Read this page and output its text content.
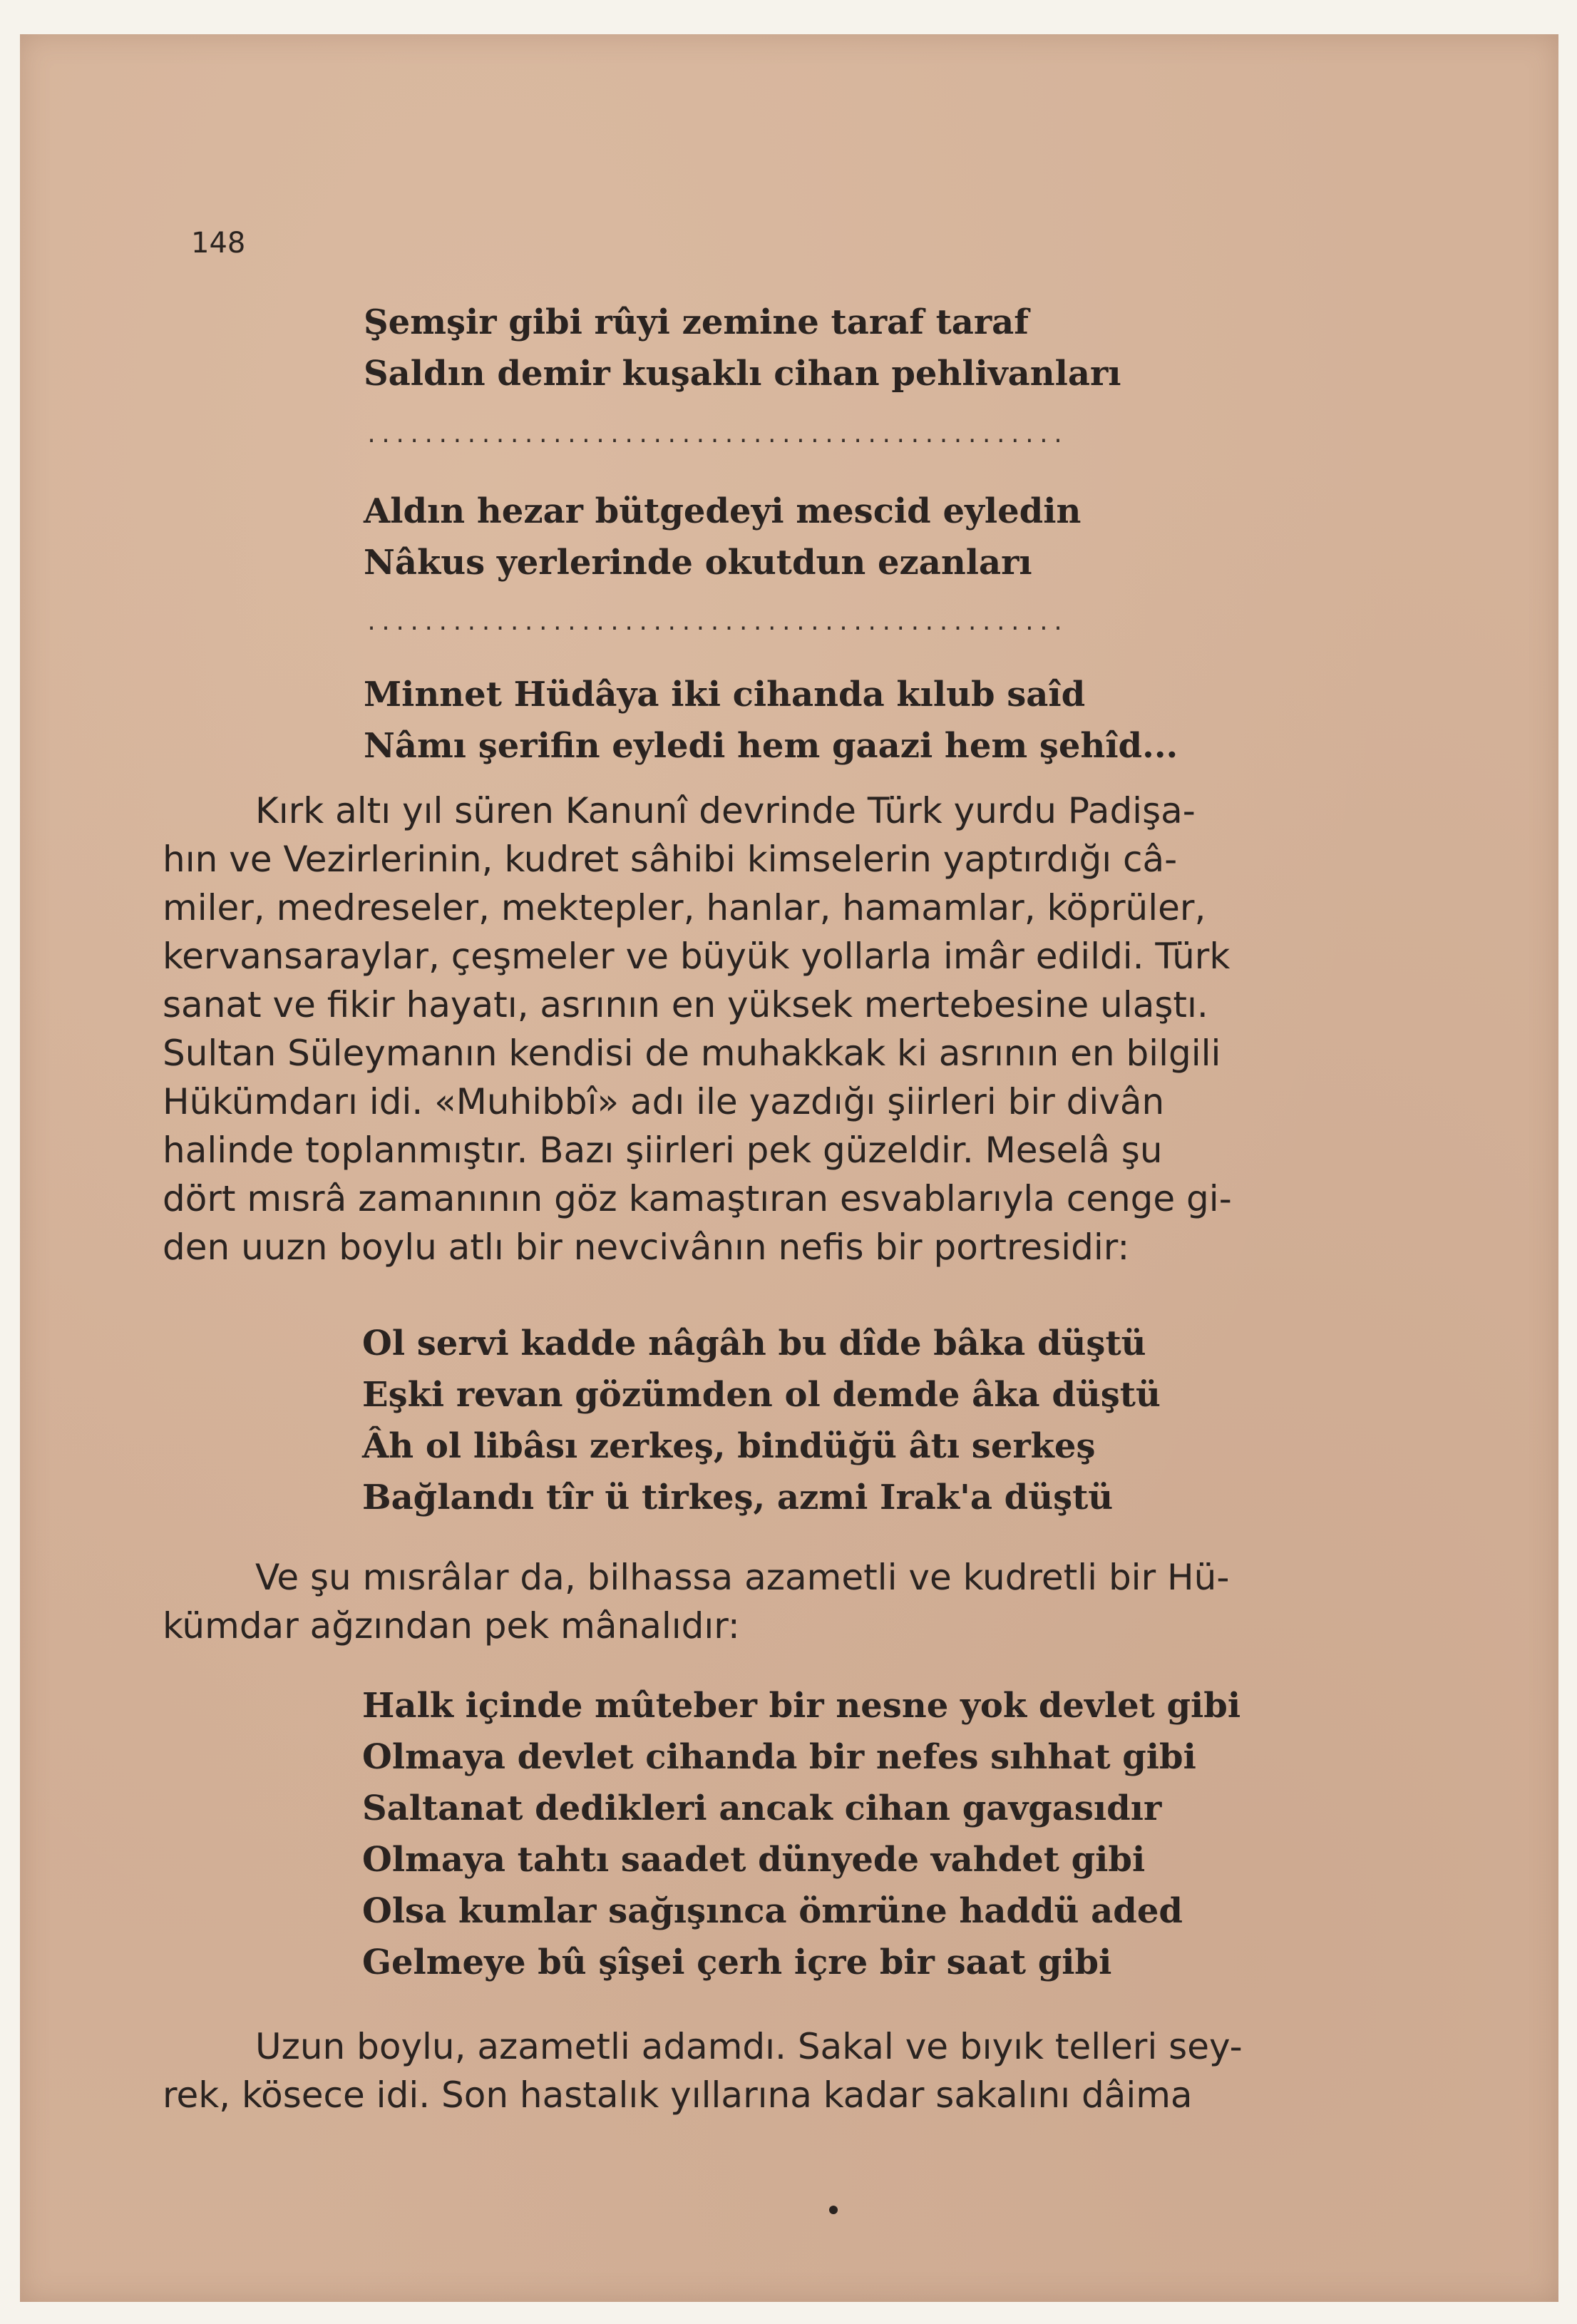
148
Şemşir gibi rûyi zemine taraf taraf
Saldın demir kuşaklı cihan pehlivanları
.................................................
Aldın hezar bütgedeyi mescid eyledin
Nâkus yerlerinde okutdun ezanları
.................................................
Minnet Hüdâya iki cihanda kılub saîd
Nâmı şerifin eyledi hem gaazi hem şehîd...
Kırk altı yıl süren Kanunî devrinde Türk yurdu Padişa-
hın ve Vezirlerinin, kudret sâhibi kimselerin yaptırdığı câ-
miler, medreseler, mektepler, hanlar, hamamlar, köprüler,
kervansaraylar, çeşmeler ve büyük yollarla imâr edildi. Türk
sanat ve fikir hayatı, asrının en yüksek mertebesine ulaştı.
Sultan Süleymanın kendisi de muhakkak ki asrının en bilgili
Hükümdarı idi. «Muhibbî» adı ile yazdığı şiirleri bir divân
halinde toplanmıştır. Bazı şiirleri pek güzeldir. Meselâ şu
dört mısrâ zamanının göz kamaştıran esvablarıyla cenge gi-
den uuzn boylu atlı bir nevcivânın nefis bir portresidir:
Ol servi kadde nâgâh bu dîde bâka düştü
Eşki revan gözümden ol demde âka düştü
Âh ol libâsı zerkeş, bindüğü âtı serkeş
Bağlandı tîr ü tirkeş, azmi Irak'a düştü
Ve şu mısrâlar da, bilhassa azametli ve kudretli bir Hü-
kümdar ağzından pek mânalıdır:
Halk içinde mûteber bir nesne yok devlet gibi
Olmaya devlet cihanda bir nefes sıhhat gibi
Saltanat dedikleri ancak cihan gavgasıdır
Olmaya tahtı saadet dünyede vahdet gibi
Olsa kumlar sağışınca ömrüne haddü aded
Gelmeye bû şîşei çerh içre bir saat gibi
Uzun boylu, azametli adamdı. Sakal ve bıyık telleri sey-
rek, kösece idi. Son hastalık yıllarına kadar sakalını dâima
